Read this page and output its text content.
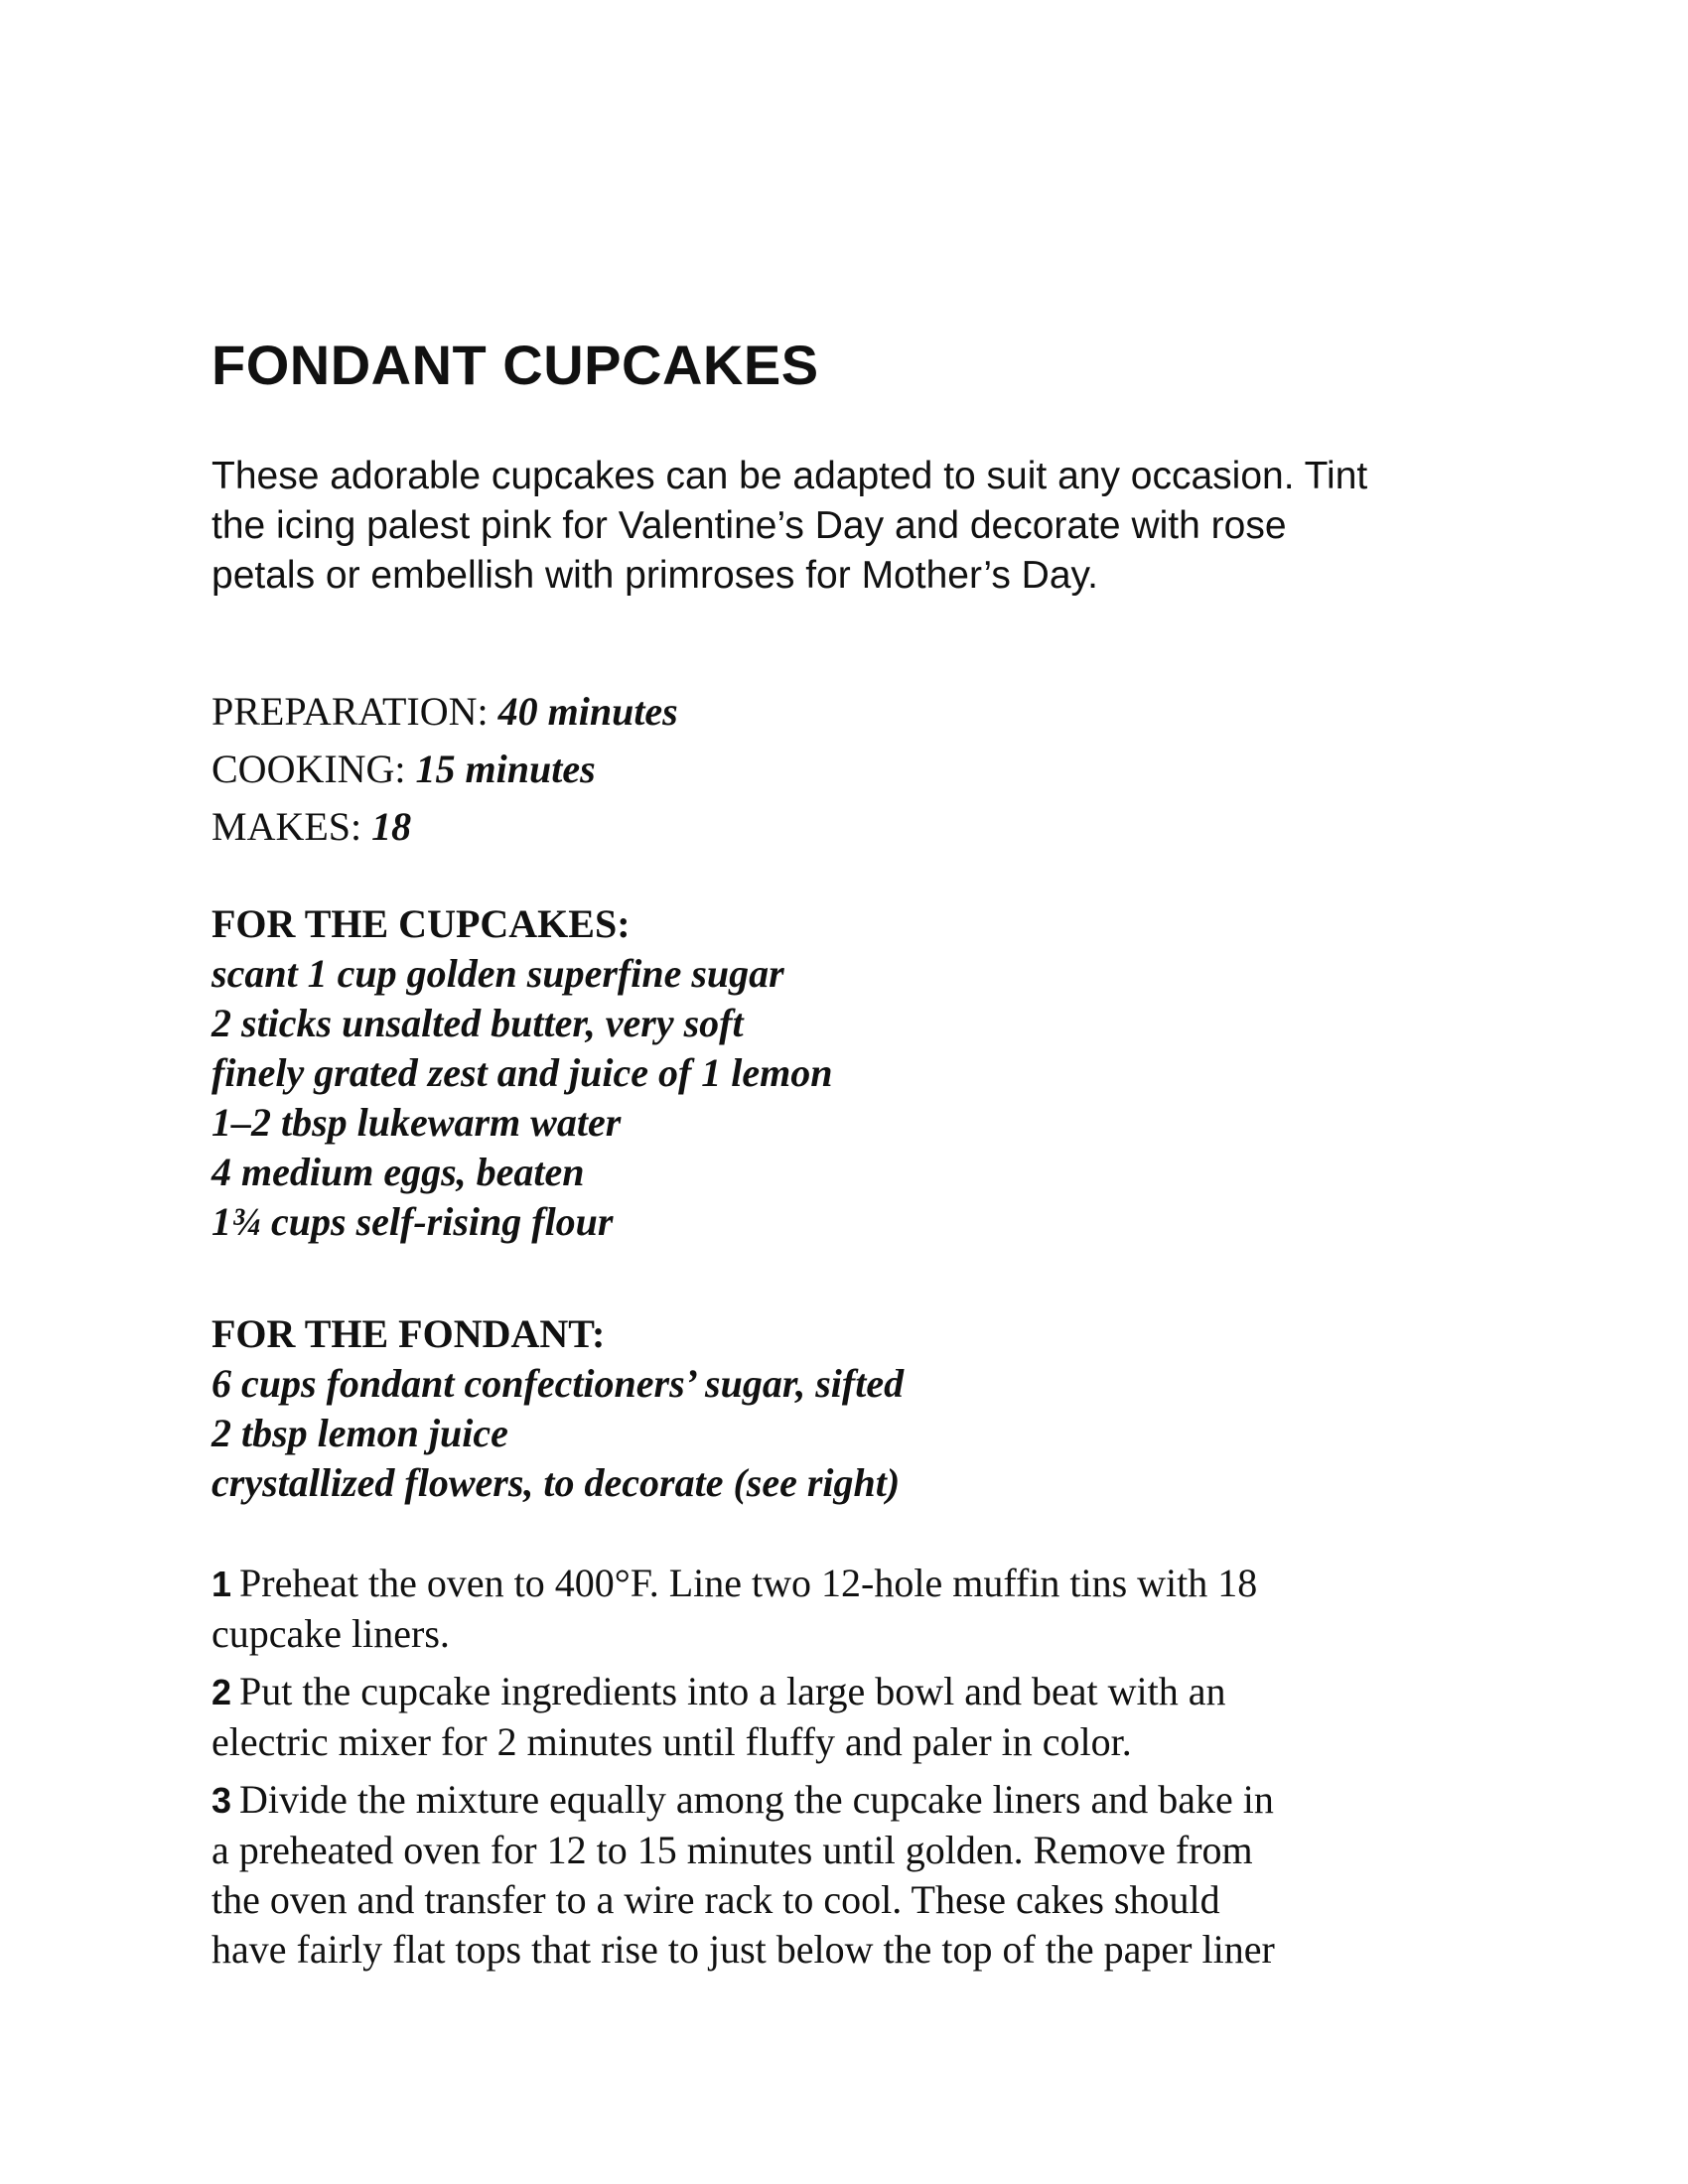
FONDANT CUPCAKES
These adorable cupcakes can be adapted to suit any occasion. Tint
the icing palest pink for Valentine’s Day and decorate with rose
petals or embellish with primroses for Mother’s Day.
PREPARATION: 40 minutes
COOKING: 15 minutes
MAKES: 18
FOR THE CUPCAKES:
scant 1 cup golden superfine sugar
2 sticks unsalted butter, very soft
finely grated zest and juice of 1 lemon
1–2 tbsp lukewarm water
4 medium eggs, beaten
1¾ cups self-rising flour
FOR THE FONDANT:
6 cups fondant confectioners’ sugar, sifted
2 tbsp lemon juice
crystallized flowers, to decorate (see right)
1 Preheat the oven to 400°F. Line two 12-hole muffin tins with 18
cupcake liners.
2 Put the cupcake ingredients into a large bowl and beat with an
electric mixer for 2 minutes until fluffy and paler in color.
3 Divide the mixture equally among the cupcake liners and bake in
a preheated oven for 12 to 15 minutes until golden. Remove from
the oven and transfer to a wire rack to cool. These cakes should
have fairly flat tops that rise to just below the top of the paper liner
